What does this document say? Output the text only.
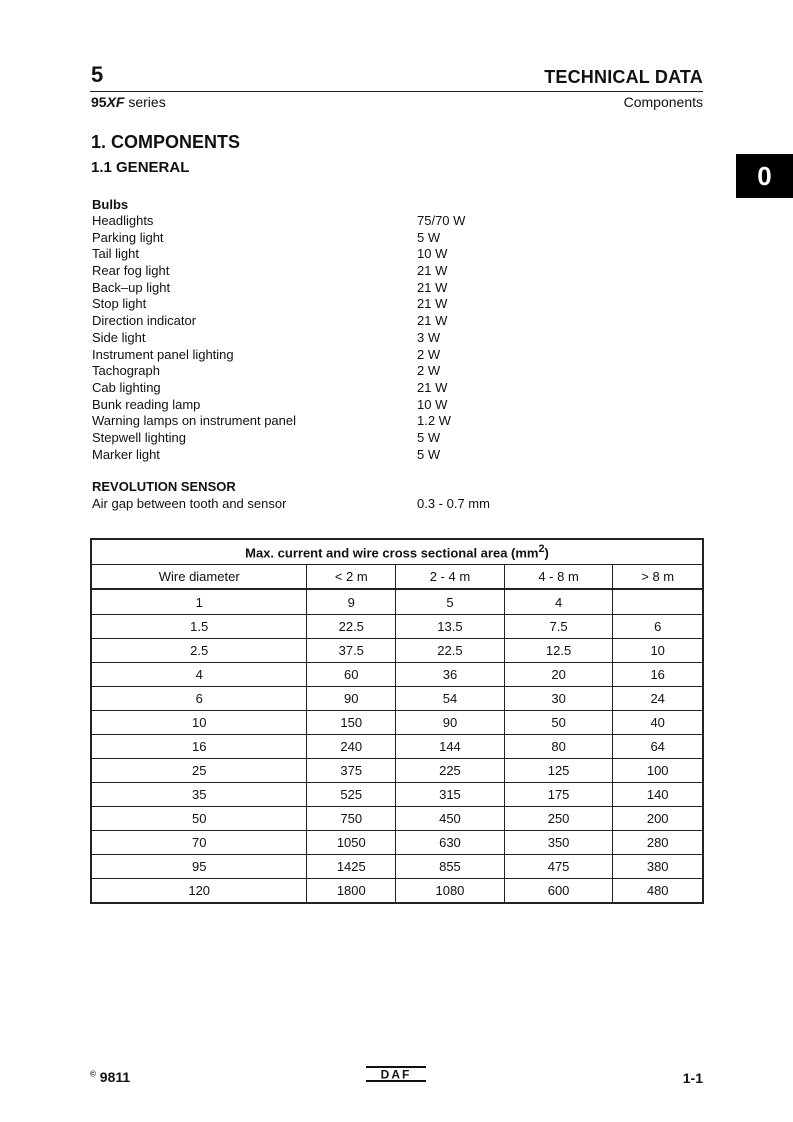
5	TECHNICAL DATA
95XF series	Components
0
1. COMPONENTS
1.1 GENERAL
Bulbs
Headlights	75/70 W
Parking light	5 W
Tail light	10 W
Rear fog light	21 W
Back–up light	21 W
Stop light	21 W
Direction indicator	21 W
Side light	3 W
Instrument panel lighting	2 W
Tachograph	2 W
Cab lighting	21 W
Bunk reading lamp	10 W
Warning lamps on instrument panel	1.2 W
Stepwell lighting	5 W
Marker light	5 W
REVOLUTION SENSOR
Air gap between tooth and sensor	0.3 - 0.7 mm
Max. current and wire cross sectional area $(mm^2)$				
Wire diameter	< 2 m	2 - 4 m	4 - 8 m	> 8 m
1	9	5	4	
1.5	22.5	13.5	7.5	6
2.5	37.5	22.5	12.5	10
4	60	36	20	16
6	90	54	30	24
10	150	90	50	40
16	240	144	80	64
25	375	225	125	100
35	525	315	175	140
50	750	450	250	200
70	1050	630	350	280
95	1425	855	475	380
120	1800	1080	600	480
© 9811	DAF	1-1
